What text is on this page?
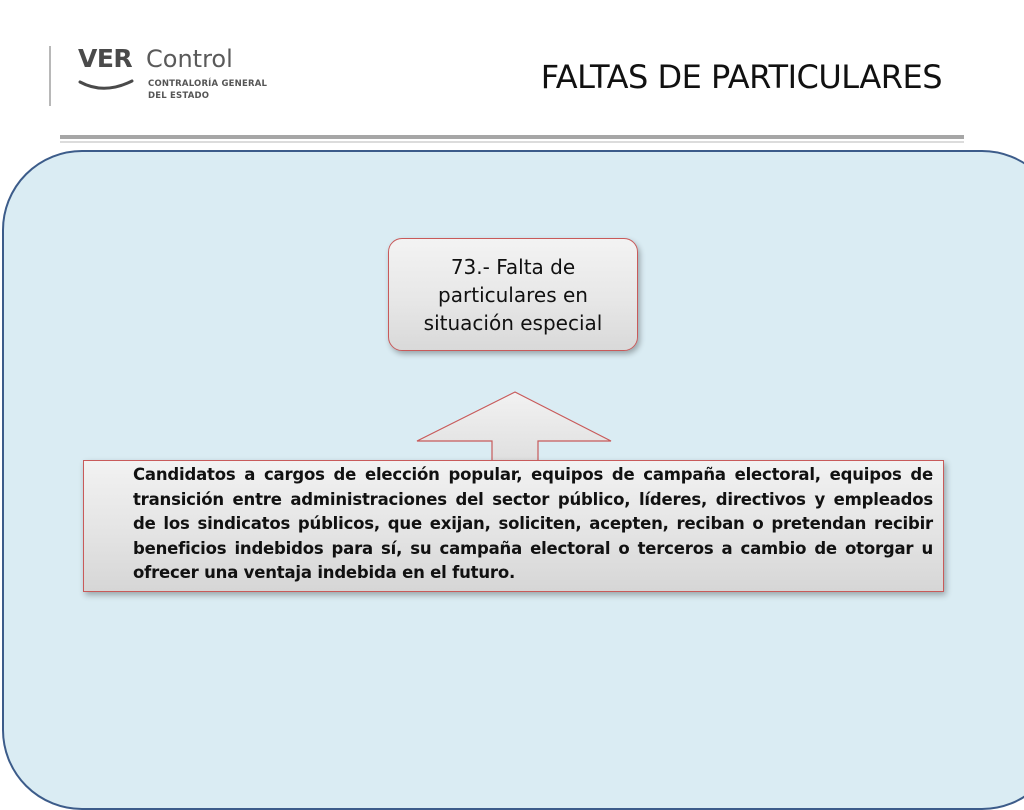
VER Control
CONTRALORÍA GENERAL
DEL ESTADO	FALTAS DE PARTICULARES
73.- Falta de particulares en situación especial
Candidatos a cargos de elección popular, equipos de campaña electoral, equipos de transición entre administraciones del sector público, líderes, directivos y empleados de los sindicatos públicos, que exijan, soliciten, acepten, reciban o pretendan recibir beneficios indebidos para sí, su campaña electoral o terceros a cambio de otorgar u ofrecer una ventaja indebida en el futuro.
